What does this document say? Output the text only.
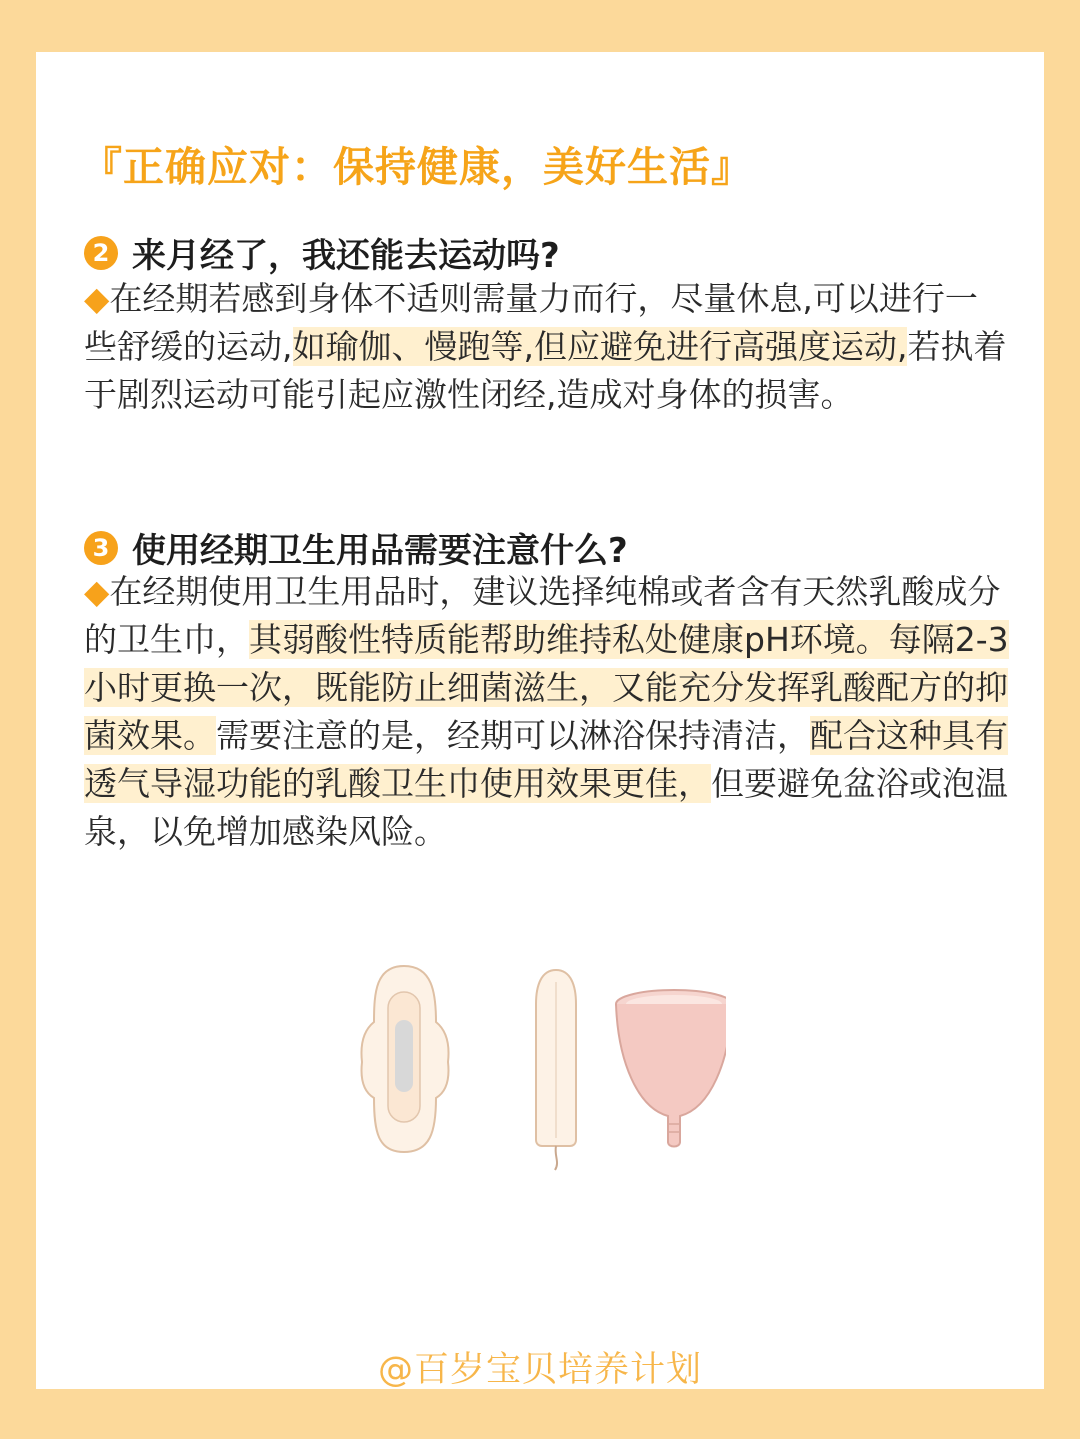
『正确应对：保持健康，美好生活』
2 来月经了，我还能去运动吗?
◆在经期若感到身体不适则需量力而行，尽量休息,可以进行一些舒缓的运动,如瑜伽、慢跑等,但应避免进行高强度运动,若执着于剧烈运动可能引起应激性闭经,造成对身体的损害。
3 使用经期卫生用品需要注意什么?
◆在经期使用卫生用品时，建议选择纯棉或者含有天然乳酸成分的卫生巾，其弱酸性特质能帮助维持私处健康pH环境。每隔2-3小时更换一次，既能防止细菌滋生，又能充分发挥乳酸配方的抑菌效果。需要注意的是，经期可以淋浴保持清洁，配合这种具有透气导湿功能的乳酸卫生巾使用效果更佳，但要避免盆浴或泡温泉，以免增加感染风险。
@百岁宝贝培养计划
